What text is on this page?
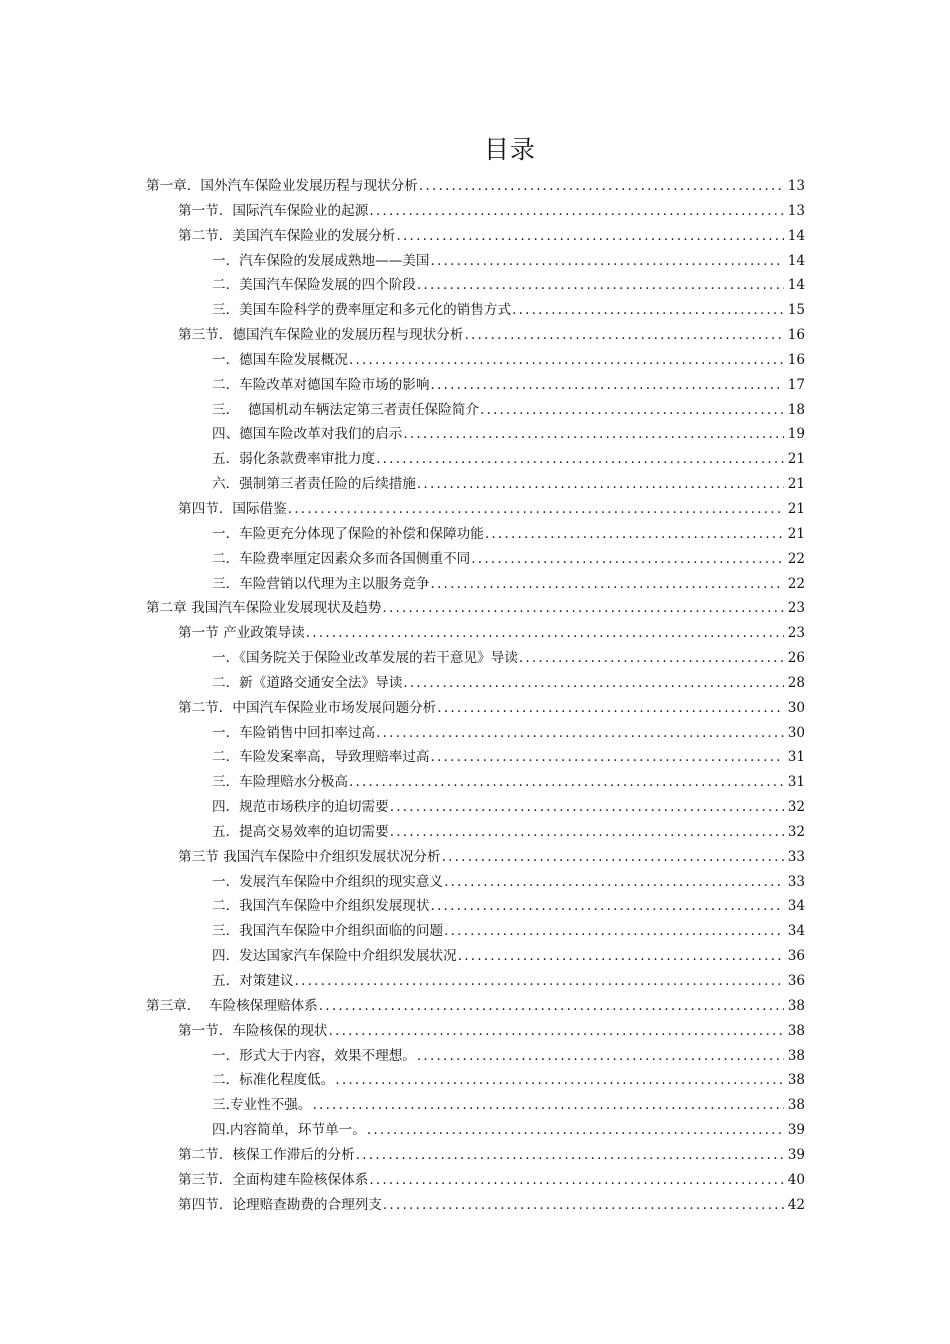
目录
第一章．国外汽车保险业发展历程与现状分析 .....	13
第一节．国际汽车保险业的起源 .....	13
第二节．美国汽车保险业的发展分析 .....	14
一．汽车保险的发展成熟地——美国 .....	14
二．美国汽车保险发展的四个阶段 .....	14
三．美国车险科学的费率厘定和多元化的销售方式 .....	15
第三节．德国汽车保险业的发展历程与现状分析 .....	16
一．德国车险发展概况 .....	16
二．车险改革对德国车险市场的影响 .....	17
三．  德国机动车辆法定第三者责任保险简介 .....	18
四、德国车险改革对我们的启示 .....	19
五．弱化条款费率审批力度 .....	21
六．强制第三者责任险的后续措施 .....	21
第四节．国际借鉴 .....	21
一．车险更充分体现了保险的补偿和保障功能 .....	21
二．车险费率厘定因素众多而各国侧重不同 .....	22
三．车险营销以代理为主以服务竞争 .....	22
第二章 我国汽车保险业发展现状及趋势 .....	23
第一节 产业政策导读 .....	23
一．《国务院关于保险业改革发展的若干意见》导读 .....	26
二．新《道路交通安全法》导读 .....	28
第二节．中国汽车保险业市场发展问题分析 .....	30
一．车险销售中回扣率过高 .....	30
二．车险发案率高，导致理赔率过高 .....	31
三．车险理赔水分极高 .....	31
四．规范市场秩序的迫切需要 .....	32
五．提高交易效率的迫切需要 .....	32
第三节 我国汽车保险中介组织发展状况分析 .....	33
一．发展汽车保险中介组织的现实意义 .....	33
二．我国汽车保险中介组织发展现状 .....	34
三．我国汽车保险中介组织面临的问题 .....	34
四．发达国家汽车保险中介组织发展状况 .....	36
五．对策建议 .....	36
第三章．  车险核保理赔体系 .....	38
第一节．车险核保的现状 .....	38
一．形式大于内容，效果不理想。 .....	38
二．标准化程度低。 .....	38
三.专业性不强。 .....	38
四.内容简单，环节单一。 .....	39
第二节．核保工作滞后的分析 .....	39
第三节．全面构建车险核保体系 .....	40
第四节．论理赔查勘费的合理列支 .....	42
